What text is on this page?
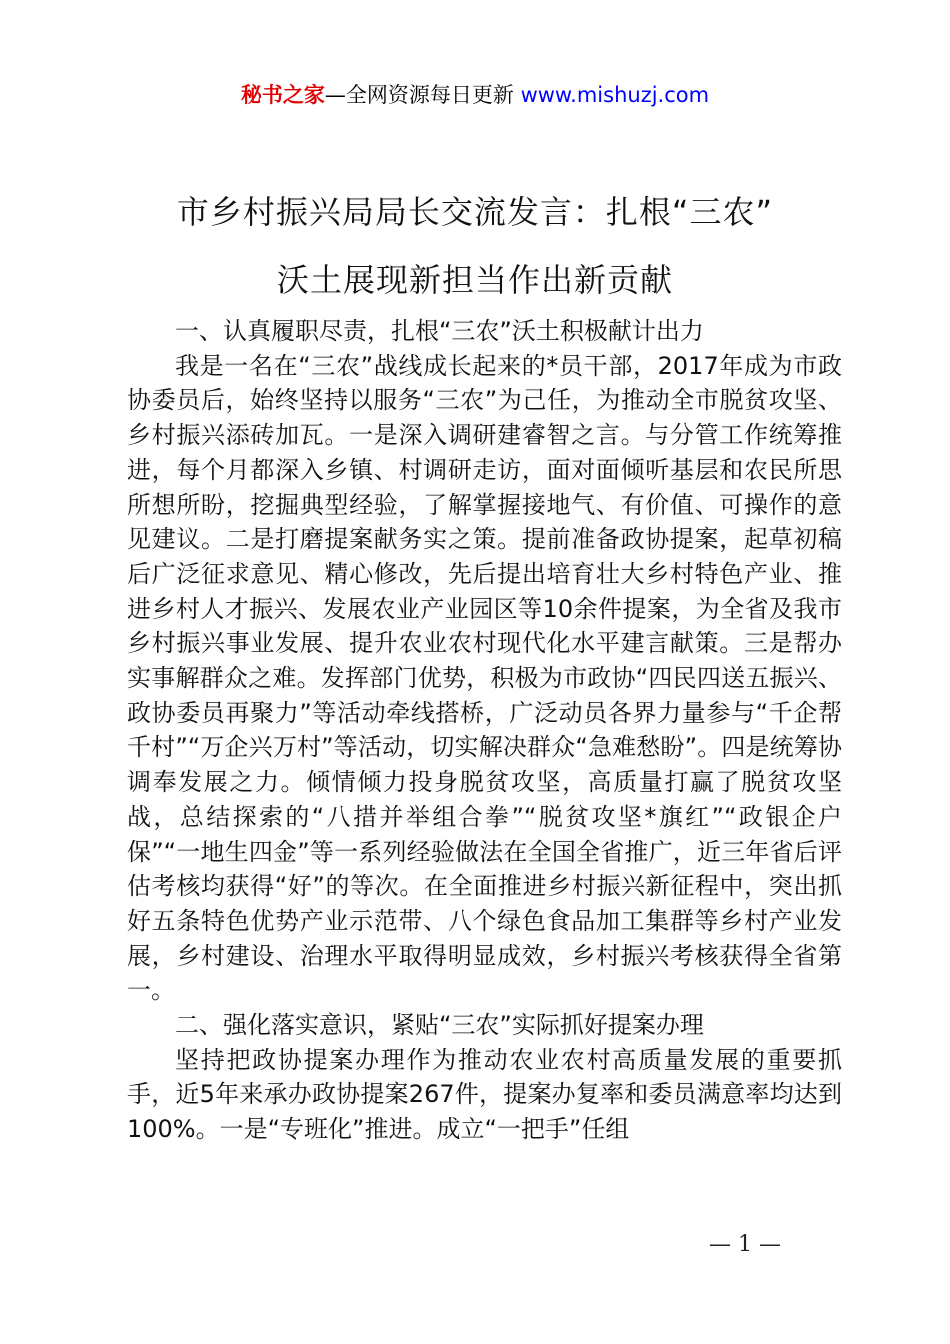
秘书之家—全网资源每日更新 www.mishuzj.com
市乡村振兴局局长交流发言：扎根“三农”
沃土展现新担当作出新贡献

一、认真履职尽责，扎根“三农”沃土积极献计出力

我是一名在“三农”战线成长起来的*员干部，2017年成为市政协委员后，始终坚持以服务“三农”为己任，为推动全市脱贫攻坚、乡村振兴添砖加瓦。一是深入调研建睿智之言。与分管工作统筹推进，每个月都深入乡镇、村调研走访，面对面倾听基层和农民所思所想所盼，挖掘典型经验，了解掌握接地气、有价值、可操作的意见建议。二是打磨提案献务实之策。提前准备政协提案，起草初稿后广泛征求意见、精心修改，先后提出培育壮大乡村特色产业、推进乡村人才振兴、发展农业产业园区等10余件提案，为全省及我市乡村振兴事业发展、提升农业农村现代化水平建言献策。三是帮办实事解群众之难。发挥部门优势，积极为市政协“四民四送五振兴、政协委员再聚力”等活动牵线搭桥，广泛动员各界力量参与“千企帮千村”“万企兴万村”等活动，切实解决群众“急难愁盼”。四是统筹协调奉发展之力。倾情倾力投身脱贫攻坚，高质量打赢了脱贫攻坚战，总结探索的“八措并举组合拳”“脱贫攻坚*旗红”“政银企户保”“一地生四金”等一系列经验做法在全国全省推广，近三年省后评估考核均获得“好”的等次。在全面推进乡村振兴新征程中，突出抓好五条特色优势产业示范带、八个绿色食品加工集群等乡村产业发展，乡村建设、治理水平取得明显成效，乡村振兴考核获得全省第一。

二、强化落实意识，紧贴“三农”实际抓好提案办理

坚持把政协提案办理作为推动农业农村高质量发展的重要抓手，近5年来承办政协提案267件，提案办复率和委员满意率均达到100%。一是“专班化”推进。成立“一把手”任组

— 1 —
